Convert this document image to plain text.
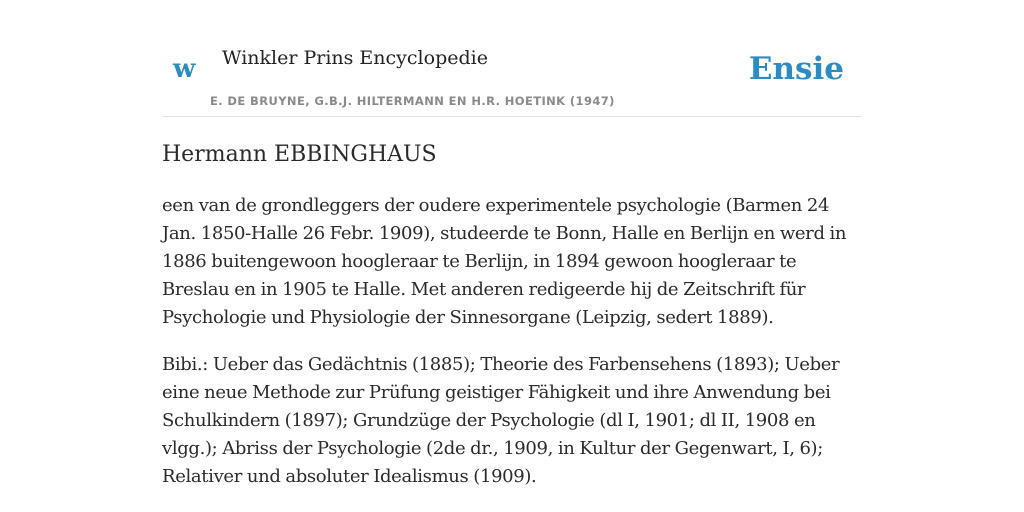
w Winkler Prins Encyclopedie
E. DE BRUYNE, G.B.J. HILTERMANN EN H.R. HOETINK (1947)
Ensie
Hermann EBBINGHAUS

een van de grondleggers der oudere experimentele psychologie (Barmen 24 Jan. 1850-Halle 26 Febr. 1909), studeerde te Bonn, Halle en Berlijn en werd in 1886 buitengewoon hoogleraar te Berlijn, in 1894 gewoon hoogleraar te Breslau en in 1905 te Halle. Met anderen redigeerde hij de Zeitschrift für Psychologie und Physiologie der Sinnesorgane (Leipzig, sedert 1889).

Bibi.: Ueber das Gedächtnis (1885); Theorie des Farbensehens (1893); Ueber eine neue Methode zur Prüfung geistiger Fähigkeit und ihre Anwendung bei Schulkindern (1897); Grundzüge der Psychologie (dl I, 1901; dl II, 1908 en vlgg.); Abriss der Psychologie (2de dr., 1909, in Kultur der Gegenwart, I, 6); Relativer und absoluter Idealismus (1909).
